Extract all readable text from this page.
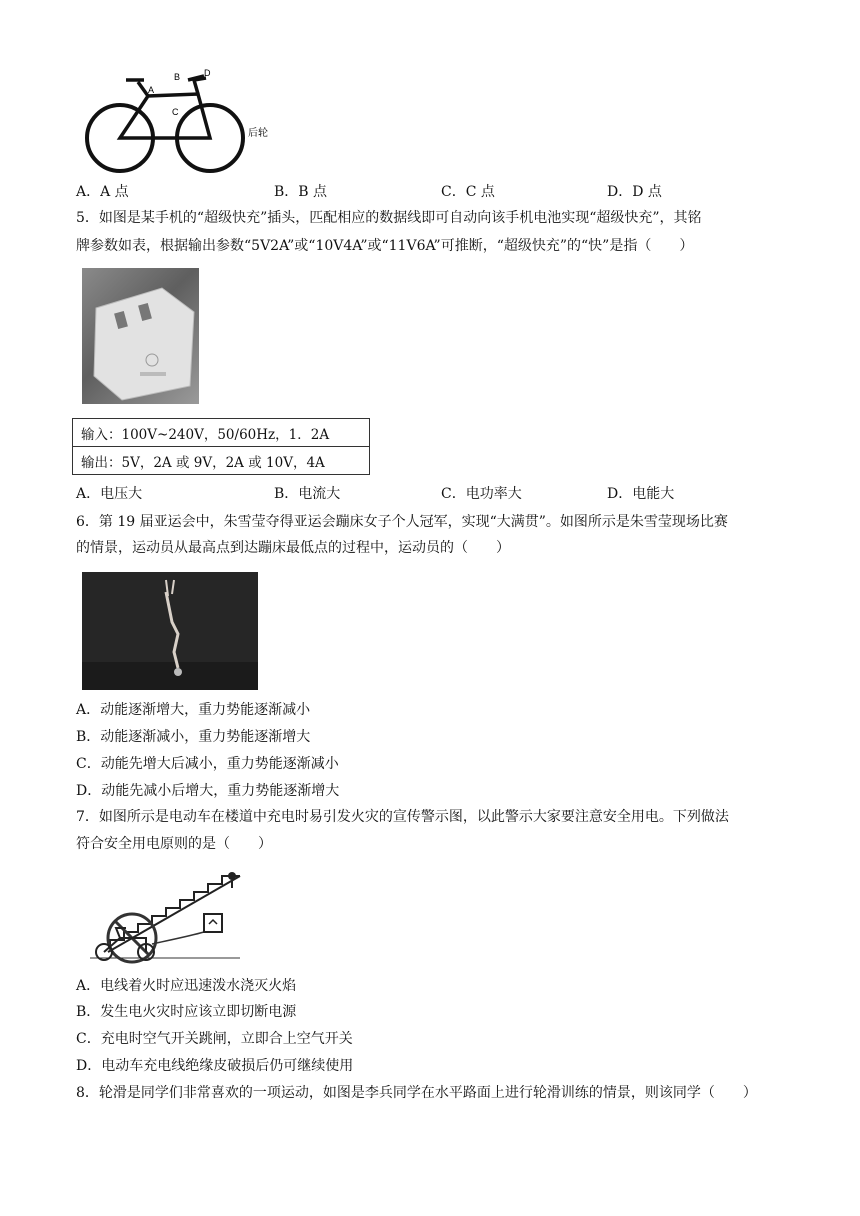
B	D
A
C
后轮
A．A 点	B．B 点	C．C 点	D．D 点
5．如图是某手机的“超级快充”插头，匹配相应的数据线即可自动向该手机电池实现“超级快充”，其铭
牌参数如表，根据输出参数“5V2A”或“10V4A”或“11V6A”可推断，“超级快充”的“快”是指（　　）
输入：100V~240V，50/60Hz，1．2A
输出：5V，2A 或 9V，2A 或 10V，4A
A．电压大	B．电流大	C．电功率大	D．电能大
6．第 19 届亚运会中，朱雪莹夺得亚运会蹦床女子个人冠军，实现“大满贯”。如图所示是朱雪莹现场比赛
的情景，运动员从最高点到达蹦床最低点的过程中，运动员的（　　）
A．动能逐渐增大，重力势能逐渐减小
B．动能逐渐减小，重力势能逐渐增大
C．动能先增大后减小，重力势能逐渐减小
D．动能先减小后增大，重力势能逐渐增大
7．如图所示是电动车在楼道中充电时易引发火灾的宣传警示图，以此警示大家要注意安全用电。下列做法
符合安全用电原则的是（　　）
A．电线着火时应迅速泼水浇灭火焰
B．发生电火灾时应该立即切断电源
C．充电时空气开关跳闸，立即合上空气开关
D．电动车充电线绝缘皮破损后仍可继续使用
8．轮滑是同学们非常喜欢的一项运动，如图是李兵同学在水平路面上进行轮滑训练的情景，则该同学（　　）
